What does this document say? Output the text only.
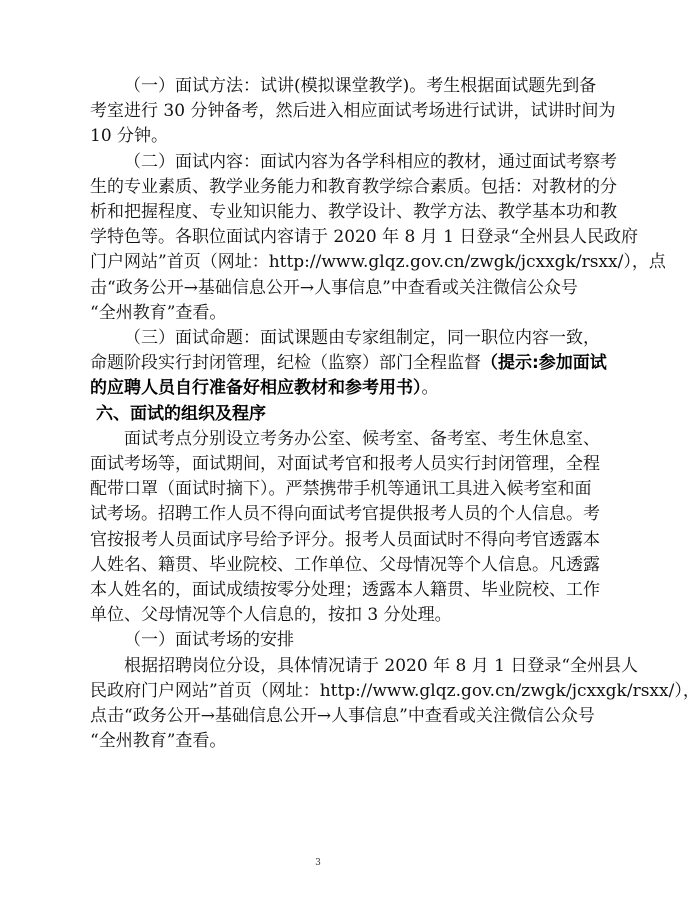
（一）面试方法：试讲(模拟课堂教学)。考生根据面试题先到备
考室进行 30 分钟备考，然后进入相应面试考场进行试讲，试讲时间为
10 分钟。
（二）面试内容：面试内容为各学科相应的教材，通过面试考察考
生的专业素质、教学业务能力和教育教学综合素质。包括：对教材的分
析和把握程度、专业知识能力、教学设计、教学方法、教学基本功和教
学特色等。各职位面试内容请于 2020 年 8 月 1 日登录“全州县人民政府
门户网站”首页（网址：http://www.glqz.gov.cn/zwgk/jcxxgk/rsxx/），点
击“政务公开→基础信息公开→人事信息”中查看或关注微信公众号
“全州教育”查看。
（三）面试命题：面试课题由专家组制定，同一职位内容一致，
命题阶段实行封闭管理，纪检（监察）部门全程监督（提示:参加面试
的应聘人员自行准备好相应教材和参考用书）。
六、面试的组织及程序
面试考点分别设立考务办公室、候考室、备考室、考生休息室、
面试考场等，面试期间，对面试考官和报考人员实行封闭管理，全程
配带口罩（面试时摘下）。严禁携带手机等通讯工具进入候考室和面
试考场。招聘工作人员不得向面试考官提供报考人员的个人信息。考
官按报考人员面试序号给予评分。报考人员面试时不得向考官透露本
人姓名、籍贯、毕业院校、工作单位、父母情况等个人信息。凡透露
本人姓名的，面试成绩按零分处理；透露本人籍贯、毕业院校、工作
单位、父母情况等个人信息的，按扣 3 分处理。
（一）面试考场的安排
根据招聘岗位分设，具体情况请于 2020 年 8 月 1 日登录“全州县人
民政府门户网站”首页（网址：http://www.glqz.gov.cn/zwgk/jcxxgk/rsxx/），
点击“政务公开→基础信息公开→人事信息”中查看或关注微信公众号
“全州教育”查看。
3
